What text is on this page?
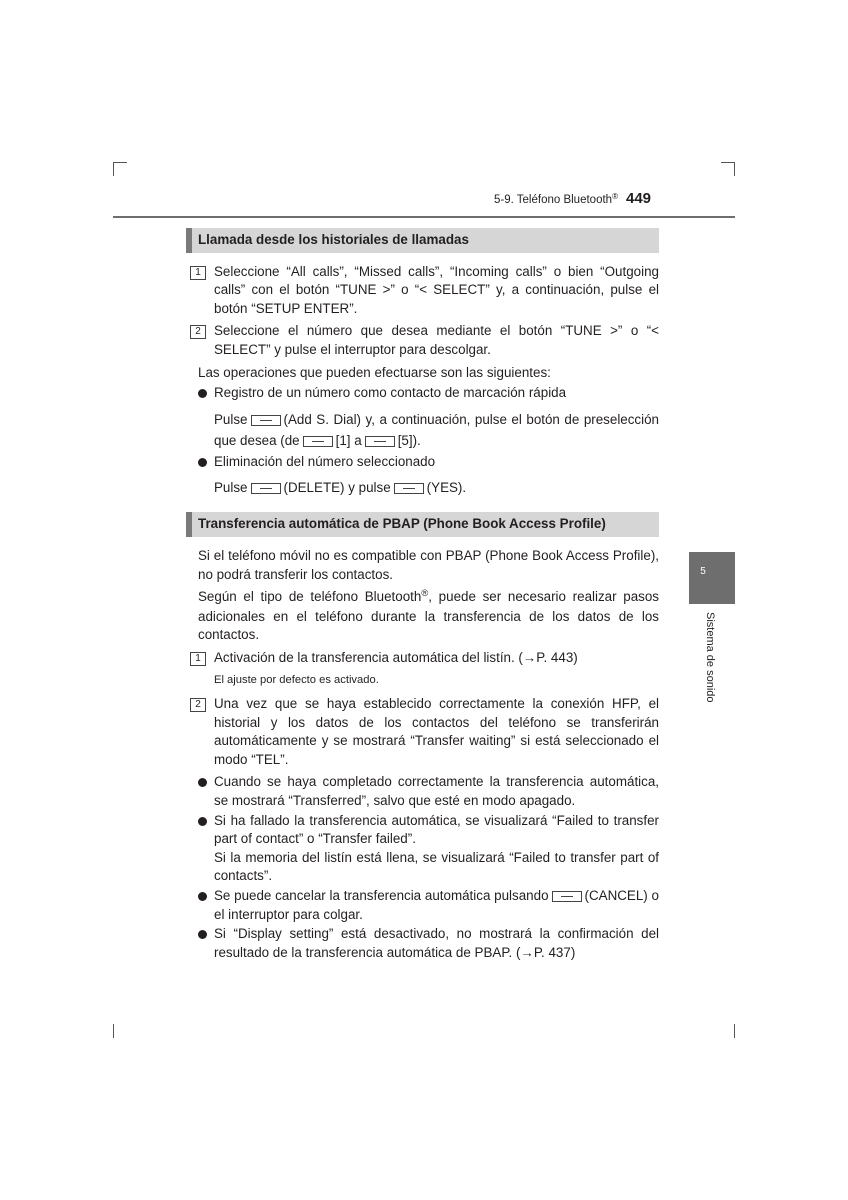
5-9. Teléfono Bluetooth® 449
5
Sistema de sonido
Llamada desde los historiales de llamadas
1 Seleccione “All calls”, “Missed calls”, “Incoming calls” o bien “Outgoing calls” con el botón “TUNE >” o “< SELECT” y, a continuación, pulse el botón “SETUP ENTER”.
2 Seleccione el número que desea mediante el botón “TUNE >” o “< SELECT” y pulse el interruptor para descolgar.
Las operaciones que pueden efectuarse son las siguientes:
Registro de un número como contacto de marcación rápida
Pulse	(Add S. Dial) y, a continuación, pulse el botón de preselección que desea (de	[1] a	[5]).
Eliminación del número seleccionado
Pulse	(DELETE) y pulse	(YES).
Transferencia automática de PBAP (Phone Book Access Profile)
Si el teléfono móvil no es compatible con PBAP (Phone Book Access Profile), no podrá transferir los contactos.
Según el tipo de teléfono Bluetooth®, puede ser necesario realizar pasos adicionales en el teléfono durante la transferencia de los datos de los contactos.
1 Activación de la transferencia automática del listín. (→P. 443)
El ajuste por defecto es activado.
2 Una vez que se haya establecido correctamente la conexión HFP, el historial y los datos de los contactos del teléfono se transferirán automáticamente y se mostrará “Transfer waiting” si está seleccionado el modo “TEL”.
Cuando se haya completado correctamente la transferencia automática, se mostrará “Transferred”, salvo que esté en modo apagado.
Si ha fallado la transferencia automática, se visualizará “Failed to transfer part of contact” o “Transfer failed”.
Si la memoria del listín está llena, se visualizará “Failed to transfer part of contacts”.
Se puede cancelar la transferencia automática pulsando	(CANCEL) o el interruptor para colgar.
Si “Display setting” está desactivado, no mostrará la confirmación del resultado de la transferencia automática de PBAP. (→P. 437)
